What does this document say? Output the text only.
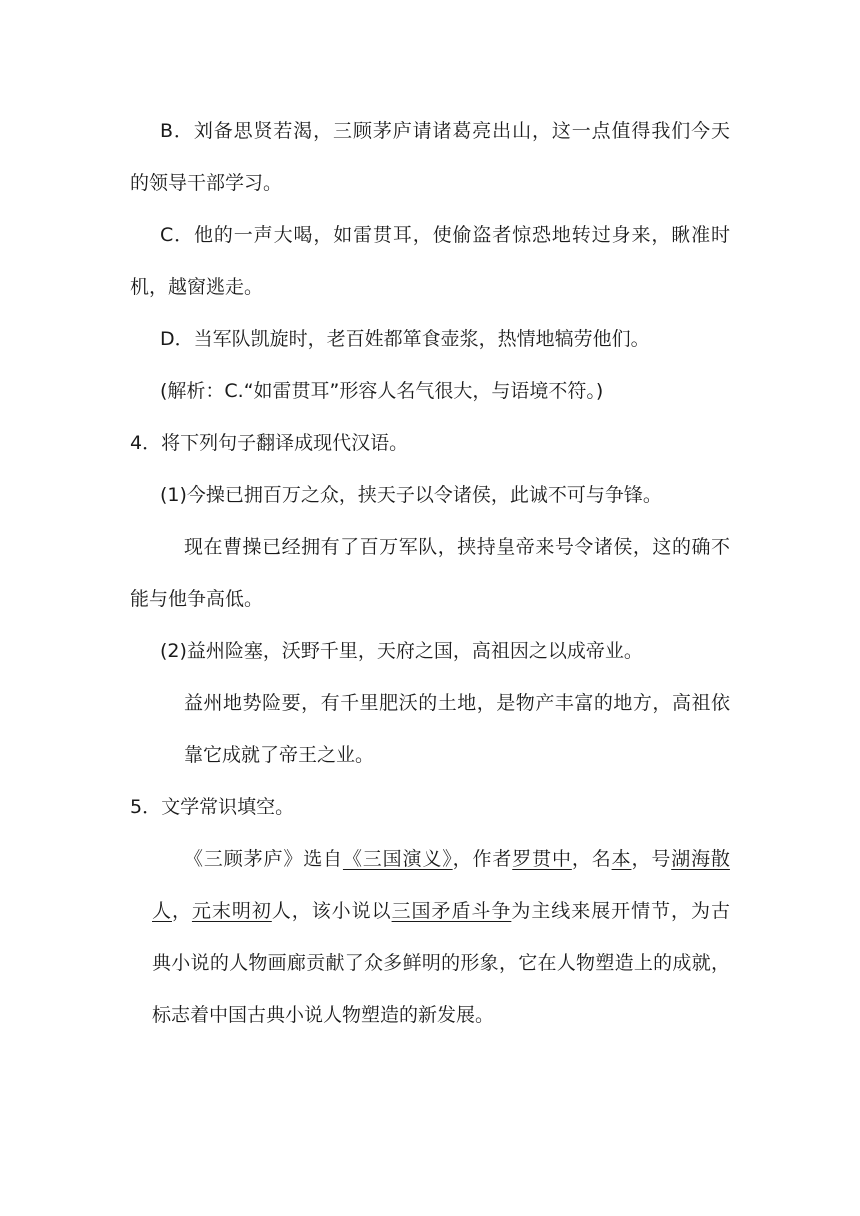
B．刘备思贤若渴，三顾茅庐请诸葛亮出山，这一点值得我们今天
的领导干部学习。
C．他的一声大喝，如雷贯耳，使偷盗者惊恐地转过身来，瞅准时
机，越窗逃走。
D．当军队凯旋时，老百姓都箪食壶浆，热情地犒劳他们。
(解析：C.“如雷贯耳”形容人名气很大，与语境不符。)
4．将下列句子翻译成现代汉语。
(1)今操已拥百万之众，挟天子以令诸侯，此诚不可与争锋。
现在曹操已经拥有了百万军队，挟持皇帝来号令诸侯，这的确不
能与他争高低。
(2)益州险塞，沃野千里，天府之国，高祖因之以成帝业。
益州地势险要，有千里肥沃的土地，是物产丰富的地方，高祖依
靠它成就了帝王之业。
5．文学常识填空。
《三顾茅庐》选自《三国演义》，作者罗贯中，名本，号湖海散
人，元末明初人，该小说以三国矛盾斗争为主线来展开情节，为古
典小说的人物画廊贡献了众多鲜明的形象，它在人物塑造上的成就，
标志着中国古典小说人物塑造的新发展。
